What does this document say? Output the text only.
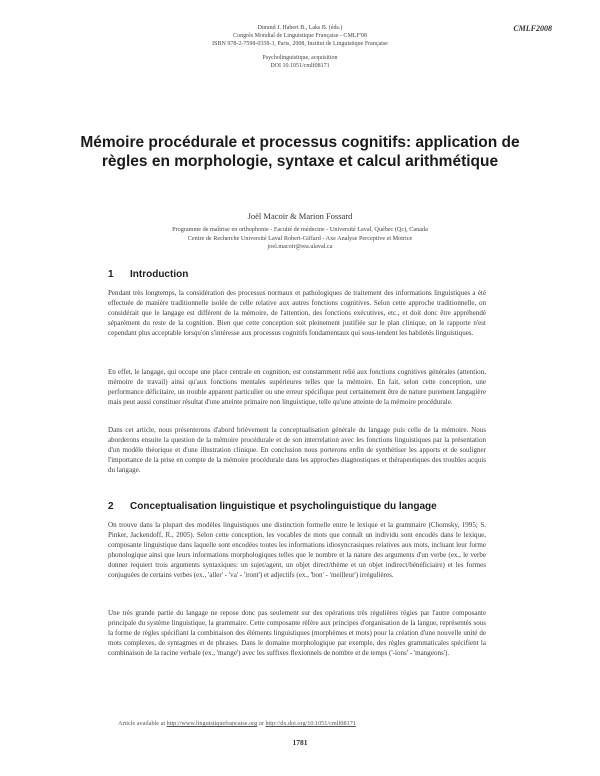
Durand J. Habert B., Laks B. (éds.)
Congrès Mondial de Linguistique Française - CMLF'08
ISBN 978-2-7598-0358-3, Paris, 2008, Institut de Linguistique Française
Psycholinguistique, acquisition
DOI 10.1051/cmlf08171
CMLF2008
Mémoire procédurale et processus cognitifs: application de règles en morphologie, syntaxe et calcul arithmétique
Joël Macoir & Marion Fossard
Programme de maîtrise en orthophonie - Faculté de médecine - Université Laval, Québec (Qc), Canada
Centre de Recherche Université Laval Robert-Giffard - Axe Analyse Perceptive et Motrice
joel.macoir@rea.ulaval.ca
1 Introduction

Pendant très longtemps, la considération des processus normaux et pathologiques de traitement des informations linguistiques a été effectuée de manière traditionnelle isolée de celle relative aux autres fonctions cognitives. Selon cette approche traditionnelle, on considérait que le langage est différent de la mémoire, de l'attention, des fonctions exécutives, etc., et doit donc être appréhendé séparément du reste de la cognition. Bien que cette conception soit pleinement justifiée sur le plan clinique, on le rapporte n'est cependant plus acceptable lorsqu'on s'intéresse aux processus cognitifs fondamentaux qui sous-tendent les habiletés linguistiques.

En effet, le langage, qui occupe une place centrale en cognition, est constamment relié aux fonctions cognitives générales (attention, mémoire de travail) ainsi qu'aux fonctions mentales supérieures telles que la mémoire. En fait, selon cette conception, une performance déficitaire, un trouble apparent particulier ou une erreur spécifique peut certainement être de nature purement langagière mais peut aussi constituer résultat d'une atteinte primaire non linguistique, telle qu'une atteinte de la mémoire procédurale.

Dans cet article, nous présenterons d'abord brièvement la conceptualisation générale du langage puis celle de la mémoire. Nous aborderons ensuite la question de la mémoire procédurale et de son interrelation avec les fonctions linguistiques par la présentation d'un modèle théorique et d'une illustration clinique. En conclusion nous porterons enfin de synthétiser les apports et de souligner l'importance de la prise en compte de la mémoire procédurale dans les approches diagnostiques et thérapeutiques des troubles acquis du langage.

2 Conceptualisation linguistique et psycholinguistique du langage

On trouve dans la plupart des modèles linguistiques une distinction formelle entre le lexique et la grammaire (Chomsky, 1995; S. Pinker, Jackendoff, R., 2005). Selon cette conception, les vocables de mots que connaît un individu sont encodés dans le lexique, composante linguistique dans laquelle sont encodées toutes les informations idiosyncrasiques relatives aux mots, incluant leur forme phonologique ainsi que leurs informations morphologiques telles que le nombre et la nature des arguments d'un verbe (ex., le verbe donner requiert trois arguments syntaxiques: un sujet/agent, un objet direct/thème et un objet indirect/bénéficiaire) et les formes conjuguées de certains verbes (ex., 'aller' - 'va' - 'iront') et adjectifs (ex., 'bon' - 'meilleur') irrégulières.

Une très grande partie du langage ne repose donc pas seulement sur des opérations très régulières régies par l'autre composante principale du système linguistique, la grammaire. Cette composante réfère aux principes d'organisation de la langue, représentés sous la forme de règles spécifiant la combinaison des éléments linguistiques (morphèmes et mots) pour la création d'une nouvelle unité de mots complexes, de syntagmes et de phrases. Dans le domaine morphologique par exemple, des règles grammaticales spécifient la combinaison de la racine verbale (ex., 'mange') avec les suffixes flexionnels de nombre et de temps ('-ions' - 'mangeons').

Article available at http://www.linguistiquefrancaise.org or http://dx.doi.org/10.1051/cmlf08171
1781
